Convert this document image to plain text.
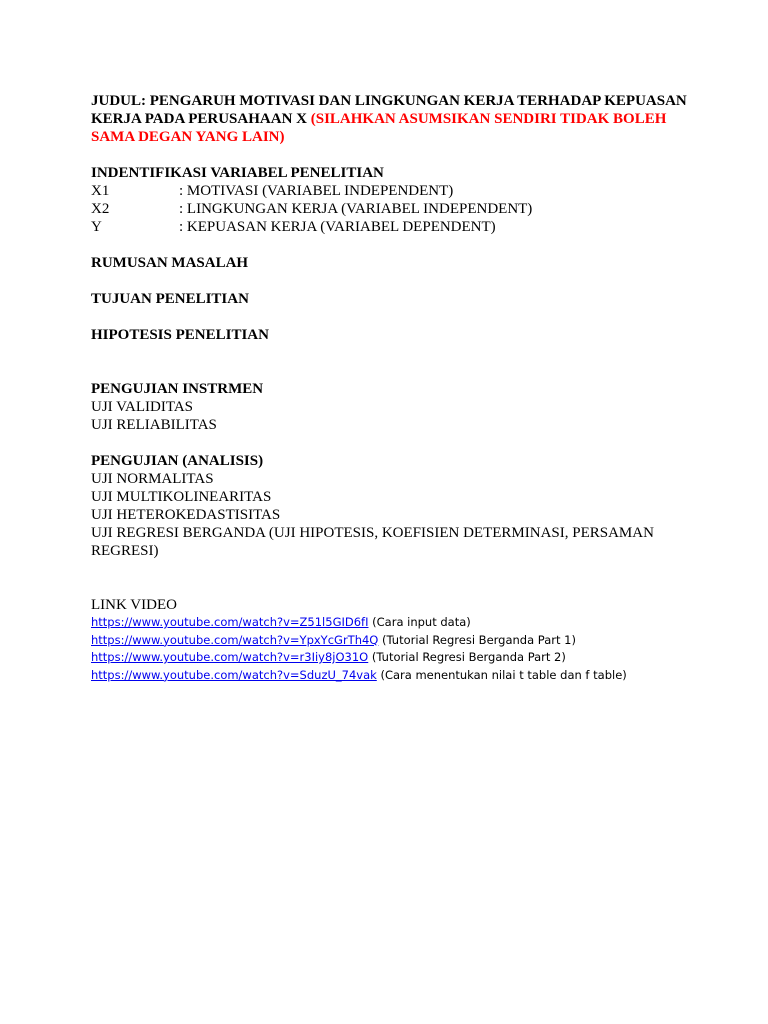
JUDUL: PENGARUH MOTIVASI DAN LINGKUNGAN KERJA TERHADAP KEPUASAN KERJA PADA PERUSAHAAN X (SILAHKAN ASUMSIKAN SENDIRI TIDAK BOLEH SAMA DEGAN YANG LAIN)
INDENTIFIKASI VARIABEL PENELITIAN
X1	: MOTIVASI (VARIABEL INDEPENDENT)
X2	: LINGKUNGAN KERJA (VARIABEL INDEPENDENT)
Y	: KEPUASAN KERJA (VARIABEL DEPENDENT)
RUMUSAN MASALAH
TUJUAN PENELITIAN
HIPOTESIS PENELITIAN
PENGUJIAN INSTRMEN
UJI VALIDITAS
UJI RELIABILITAS
PENGUJIAN (ANALISIS)
UJI NORMALITAS
UJI MULTIKOLINEARITAS
UJI HETEROKEDASTISITAS
UJI REGRESI BERGANDA (UJI HIPOTESIS, KOEFISIEN DETERMINASI, PERSAMAN REGRESI)
LINK VIDEO
https://www.youtube.com/watch?v=Z51l5GID6fI (Cara input data)
https://www.youtube.com/watch?v=YpxYcGrTh4Q (Tutorial Regresi Berganda Part 1)
https://www.youtube.com/watch?v=r3Iiy8jO31O (Tutorial Regresi Berganda Part 2)
https://www.youtube.com/watch?v=SduzU_74vak (Cara menentukan nilai t table dan f table)
